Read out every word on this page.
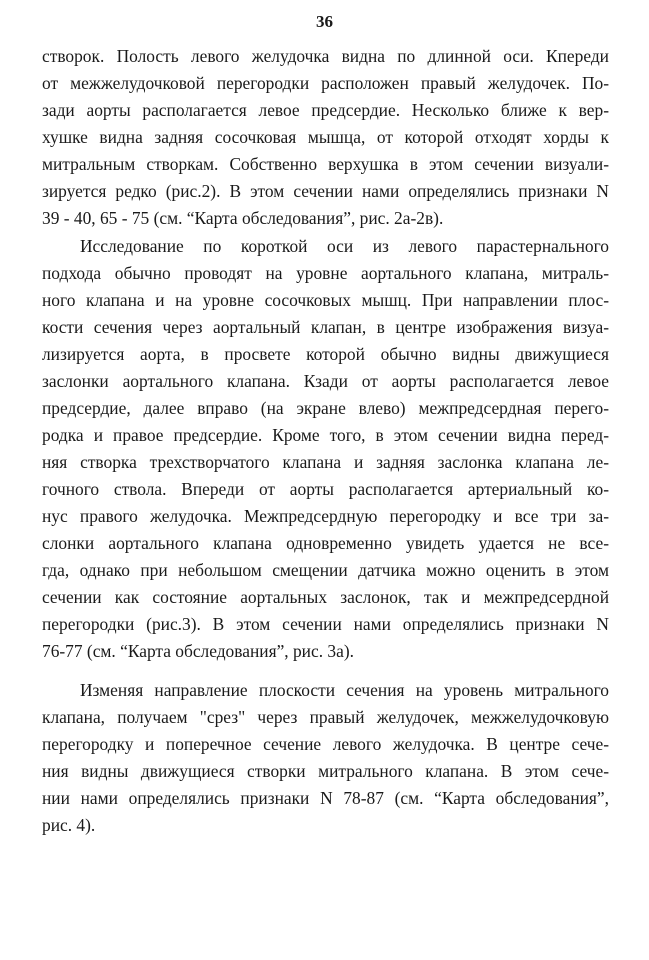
36
створок. Полость левого желудочка видна по длинной оси. Кпереди
от межжелудочковой перегородки расположен правый желудочек. По-
зади аорты располагается левое предсердие. Несколько ближе к вер-
хушке видна задняя сосочковая мышца, от которой отходят хорды к
митральным створкам. Собственно верхушка в этом сечении визуали-
зируется редко (рис.2). В этом сечении нами определялись признаки N
39 - 40, 65 - 75 (см. “Карта обследования”, рис. 2а-2в).
Исследование по короткой оси из левого парастернального
подхода обычно проводят на уровне аортального клапана, митраль-
ного клапана и на уровне сосочковых мышц. При направлении плос-
кости сечения через аортальный клапан, в центре изображения визуа-
лизируется аорта, в просвете которой обычно видны движущиеся
заслонки аортального клапана. Кзади от аорты располагается левое
предсердие, далее вправо (на экране влево) межпредсердная перего-
родка и правое предсердие. Кроме того, в этом сечении видна перед-
няя створка трехстворчатого клапана и задняя заслонка клапана ле-
гочного ствола. Впереди от аорты располагается артериальный ко-
нус правого желудочка. Межпредсердную перегородку и все три за-
слонки аортального клапана одновременно увидеть удается не все-
гда, однако при небольшом смещении датчика можно оценить в этом
сечении как состояние аортальных заслонок, так и межпредсердной
перегородки (рис.3). В этом сечении нами определялись признаки N
76-77 (см. “Карта обследования”, рис. 3а).
Изменяя направление плоскости сечения на уровень митрального
клапана, получаем "срез" через правый желудочек, межжелудочковую
перегородку и поперечное сечение левого желудочка. В центре сече-
ния видны движущиеся створки митрального клапана. В этом сече-
нии нами определялись признаки N 78-87 (см. “Карта обследования”,
рис. 4).
